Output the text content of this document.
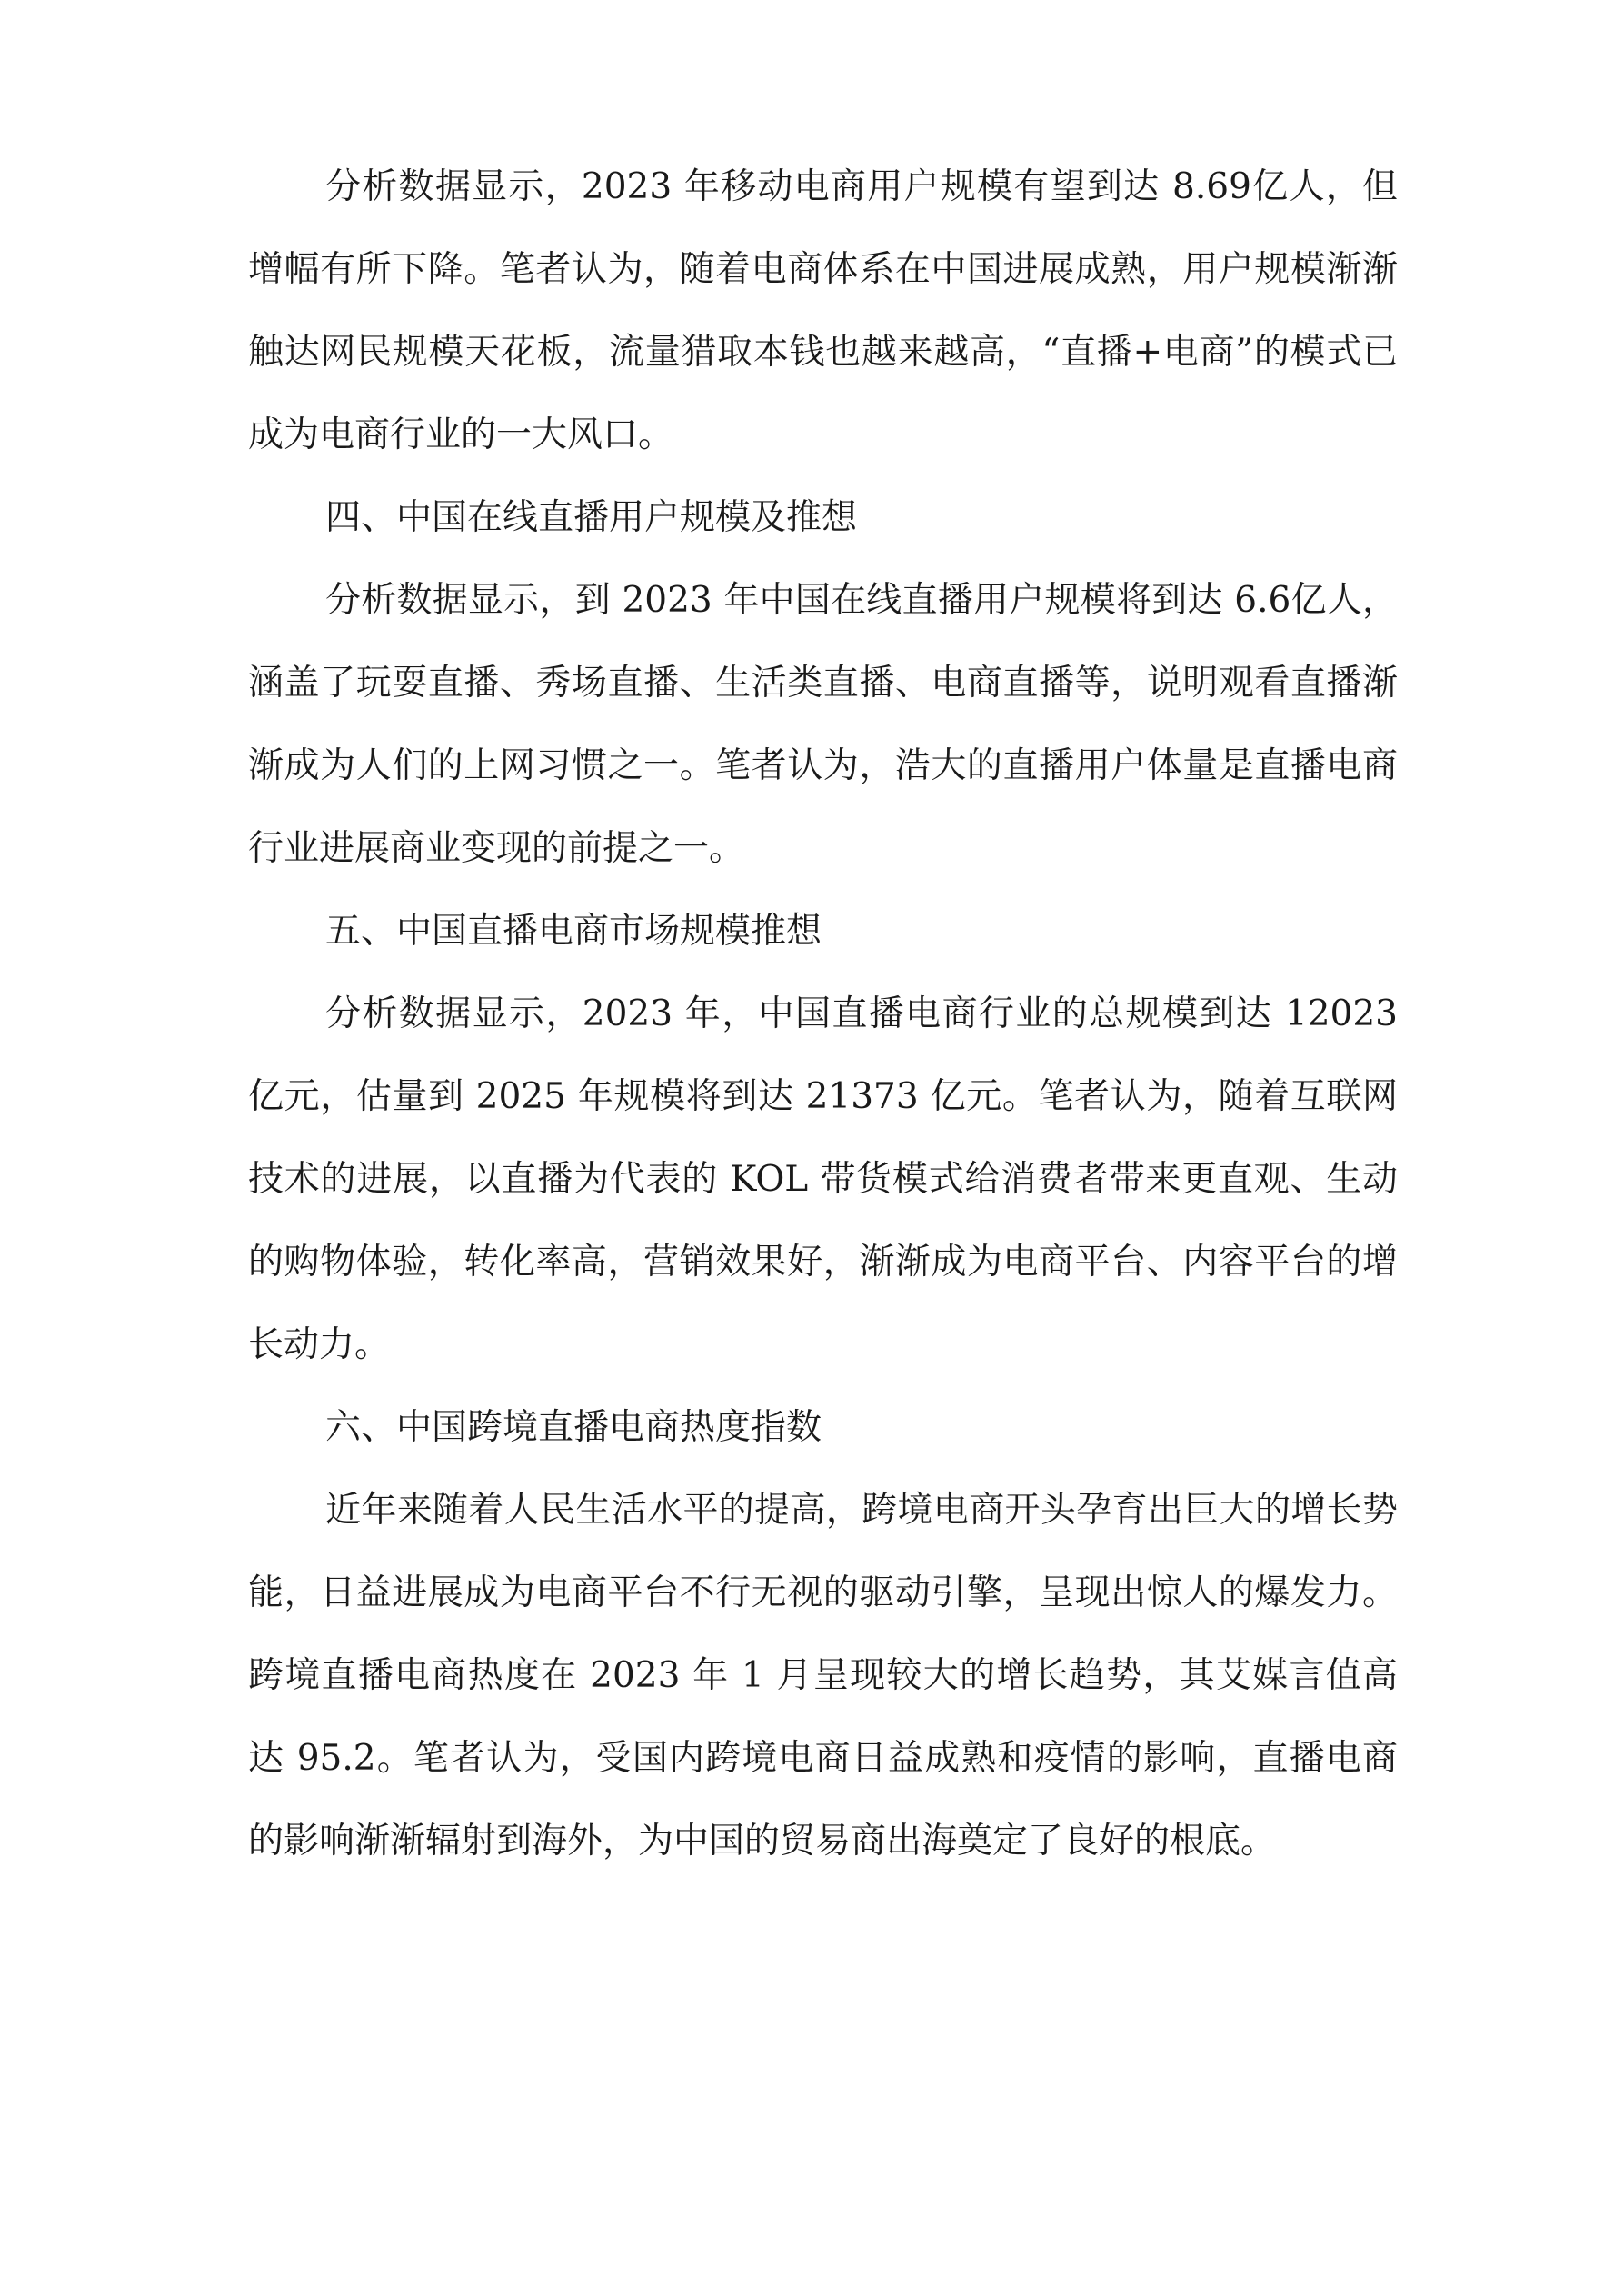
分析数据显示，2023 年移动电商用户规模有望到达 8.69亿人，但增幅有所下降。笔者认为，随着电商体系在中国进展成熟，用户规模渐渐触达网民规模天花板，流量猎取本钱也越来越高，“直播+电商”的模式已成为电商行业的一大风口。

四、中国在线直播用户规模及推想

分析数据显示，到 2023 年中国在线直播用户规模将到达 6.6亿人，涵盖了玩耍直播、秀场直播、生活类直播、电商直播等，说明观看直播渐渐成为人们的上网习惯之一。笔者认为，浩大的直播用户体量是直播电商行业进展商业变现的前提之一。

五、中国直播电商市场规模推想

分析数据显示，2023 年，中国直播电商行业的总规模到达 12023 亿元，估量到 2025 年规模将到达 21373 亿元。笔者认为，随着互联网技术的进展，以直播为代表的 KOL 带货模式给消费者带来更直观、生动的购物体验，转化率高，营销效果好，渐渐成为电商平台、内容平台的增长动力。

六、中国跨境直播电商热度指数

近年来随着人民生活水平的提高，跨境电商开头孕育出巨大的增长势能，日益进展成为电商平台不行无视的驱动引擎，呈现出惊人的爆发力。跨境直播电商热度在 2023 年 1 月呈现较大的增长趋势，其艾媒言值高达 95.2。笔者认为，受国内跨境电商日益成熟和疫情的影响，直播电商的影响渐渐辐射到海外，为中国的贸易商出海奠定了良好的根底。
